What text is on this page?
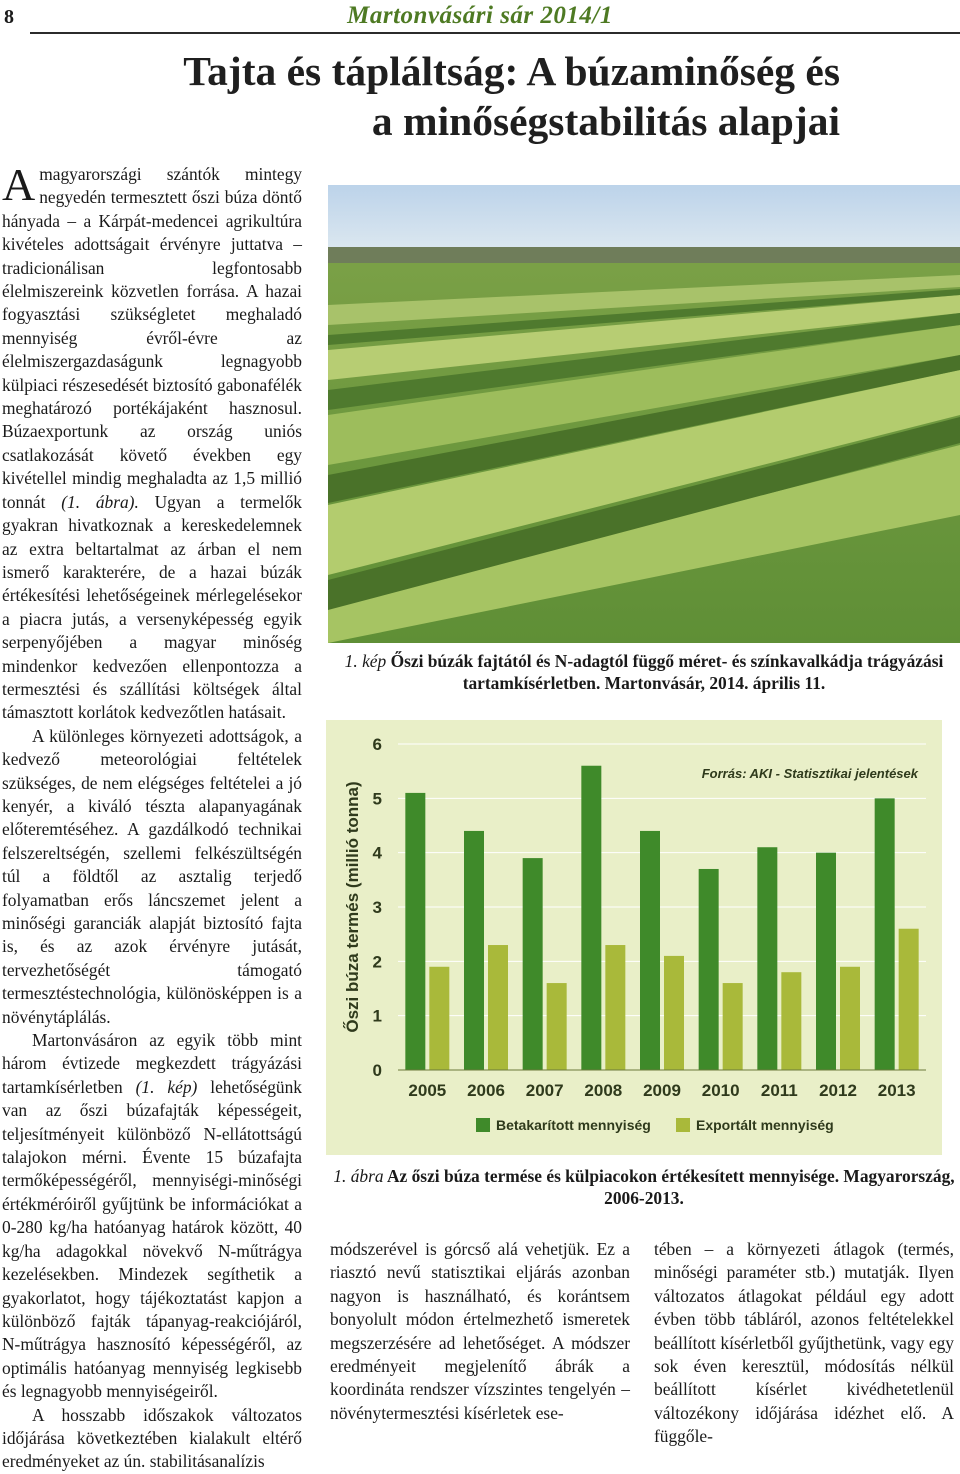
8	Martonvásári sár 2014/1
Tajta és tápláltság: A búzaminőség és
a minőségstabilitás alapjai

A magyarországi szántók mintegy negyedén termesztett őszi búza döntő hányada – a Kárpát-medencei agrikultúra kivételes adottságait érvényre juttatva – tradicionálisan legfontosabb élelmiszereink közvetlen forrása. A hazai fogyasztási szükségletet meghaladó mennyiség évről-évre az élelmiszergazdaságunk legnagyobb külpiaci részesedését biztosító gabonafélék meghatározó portékájaként hasznosul. Búzaexportunk az ország uniós csatlakozását követő években egy kivétellel mindig meghaladta az 1,5 millió tonnát (1. ábra). Ugyan a termelők gyakran hivatkoznak a kereskedelemnek az extra beltartalmat az árban el nem ismerő karakterére, de a hazai búzák értékesítési lehetőségeinek mérlegelésekor a piacra jutás, a versenyképesség egyik serpenyőjében a magyar minőség mindenkor kedvezően ellenpontozza a termesztési és szállítási költségek által támasztott korlátok kedvezőtlen hatásait.

A különleges környezeti adottságok, a kedvező meteorológiai feltételek szükséges, de nem elégséges feltételei a jó kenyér, a kiváló tészta alapanyagának előteremtéséhez. A gazdálkodó technikai felszereltségén, szellemi felkészültségén túl a földtől az asztalig terjedő folyamatban erős láncszemet jelent a minőségi garanciák alapját biztosító fajta is, és az azok érvényre jutását, tervezhetőségét támogató termesztéstechnológia, különösképpen is a növénytáplálás.

Martonvásáron az egyik több mint három évtizede megkezdett trágyázási tartamkísérletben (1. kép) lehetőségünk van az őszi búzafajták képességeit, teljesítményeit különböző N-ellátottságú talajokon mérni. Évente 15 búzafajta termőképességéről, mennyiségi-minőségi értékméróiről gyűjtünk be információkat a 0-280 kg/ha hatóanyag határok között, 40 kg/ha adagokkal növekvő N-műtrágya kezelésekben. Mindezek segíthetik a gyakorlatot, hogy tájékoztatást kapjon a különböző fajták tápanyag-reakciójáról, N-műtrágya hasznosító képességéről, az optimális hatóanyag mennyiség legkisebb és legnagyobb mennyiségeiről.

A hosszabb időszakok változatos időjárása következtében kialakult eltérő eredményeket az ún. stabilitásanalízis

1. kép Őszi búzák fajtától és N-adagtól függő méret- és színkavalkádja trágyázási tartamkísérletben. Martonvásár, 2014. április 11.
0
1
2
3
4
5
6
Őszi búza termés (millió tonna)
Forrás: AKI - Statisztikai jelentések
2005 2006 2007 2008 2009 2010 2011 2012 2013
Betakarított mennyiség	Exportált mennyiség
1. ábra Az őszi búza termése és külpiacokon értékesített mennyisége. Magyarország, 2006-2013.

módszerével is górcső alá vehetjük. Ez a riasztó nevű statisztikai eljárás azonban nagyon is használható, és korántsem bonyolult módon értelmezhető ismeretek megszerzésére ad lehetőséget. A módszer eredményeit megjelenítő ábrák a koordináta rendszer vízszintes tengelyén – növénytermesztési kísérletek ese-

tében – a környezeti átlagok (termés, minőségi paraméter stb.) mutatják. Ilyen változatos átlagokat például egy adott évben több tábláról, azonos feltételekkel beállított kísérletből gyűjthetünk, vagy egy sok éven keresztül, módosítás nélkül beállított kísérlet kivédhetetlenül változékony időjárása idézhet elő. A függőle-
